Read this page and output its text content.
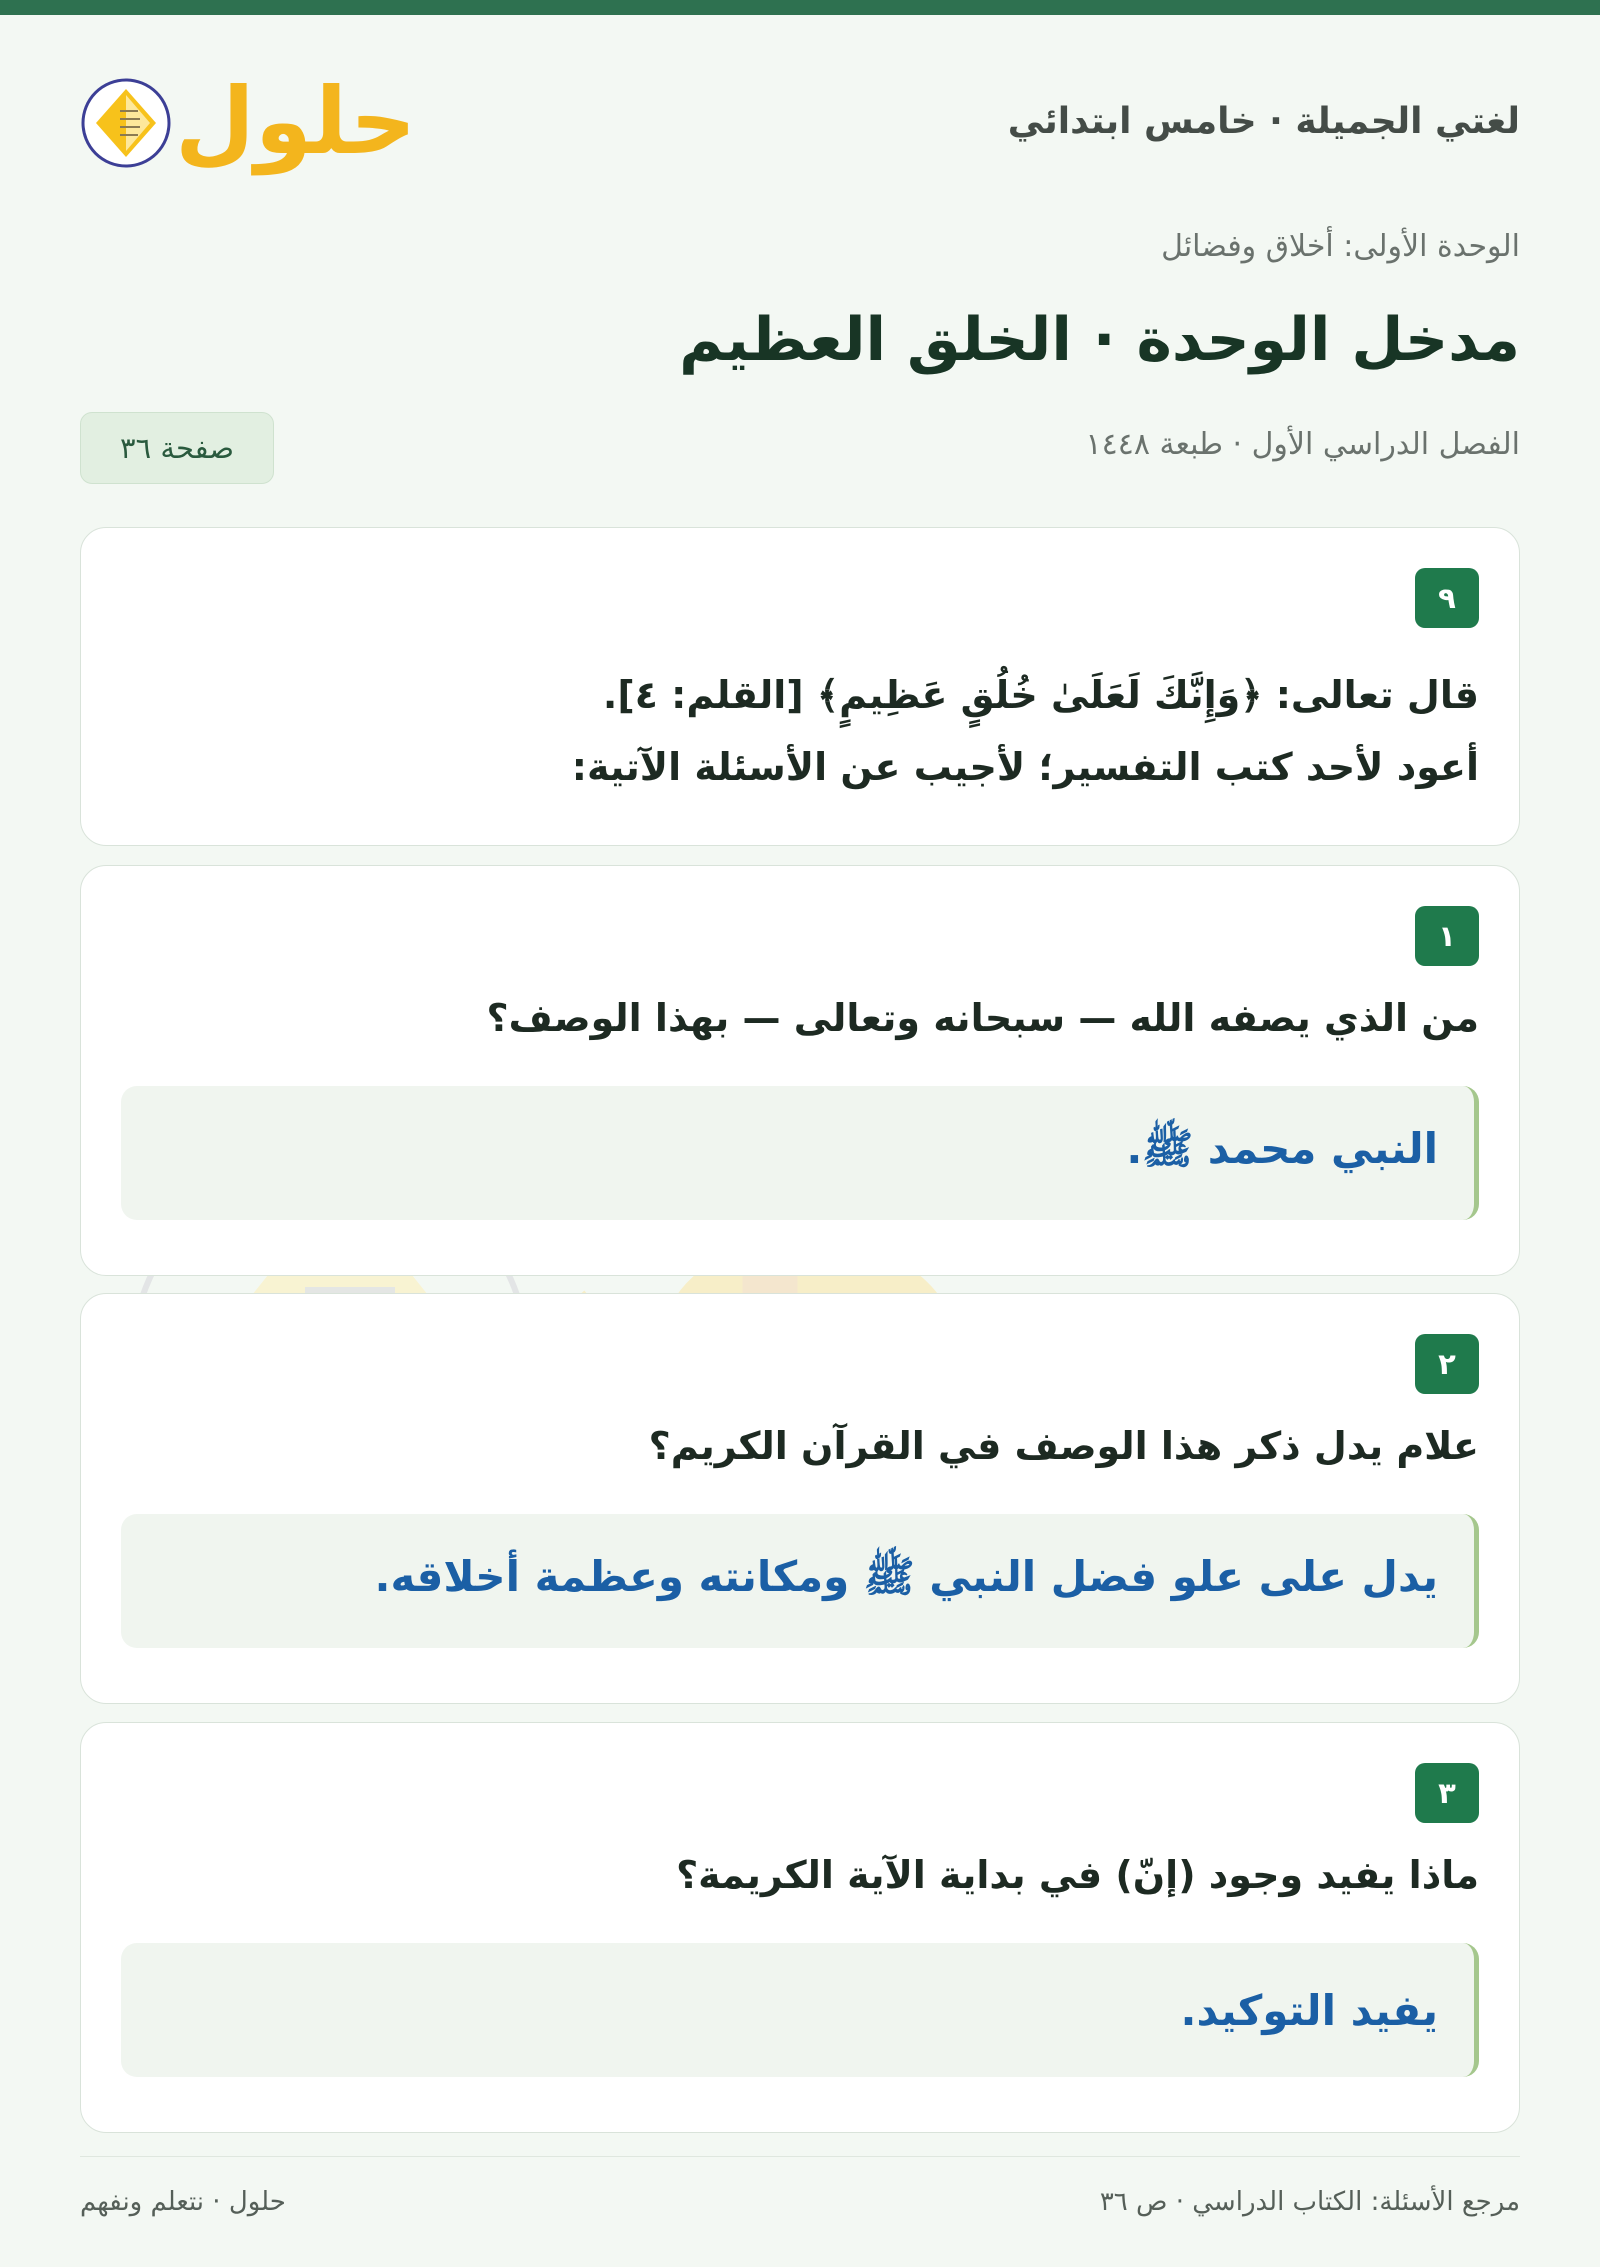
لغتي الجميلة · خامس ابتدائي
حلول
الوحدة الأولى: أخلاق وفضائل
مدخل الوحدة · الخلق العظيم
الفصل الدراسي الأول · طبعة ١٤٤٨
صفحة ٣٦
٩
قال تعالى: ﴿وَإِنَّكَ لَعَلَىٰ خُلُقٍ عَظِيمٍ﴾ [القلم: ٤].
أعود لأحد كتب التفسير؛ لأجيب عن الأسئلة الآتية:
١
من الذي يصفه الله — سبحانه وتعالى — بهذا الوصف؟
النبي محمد ﷺ.
٢
علام يدل ذكر هذا الوصف في القرآن الكريم؟
يدل على علو فضل النبي ﷺ ومكانته وعظمة أخلاقه.
٣
ماذا يفيد وجود (إنّ) في بداية الآية الكريمة؟
يفيد التوكيد.
مرجع الأسئلة: الكتاب الدراسي · ص ٣٦
حلول · نتعلم ونفهم
